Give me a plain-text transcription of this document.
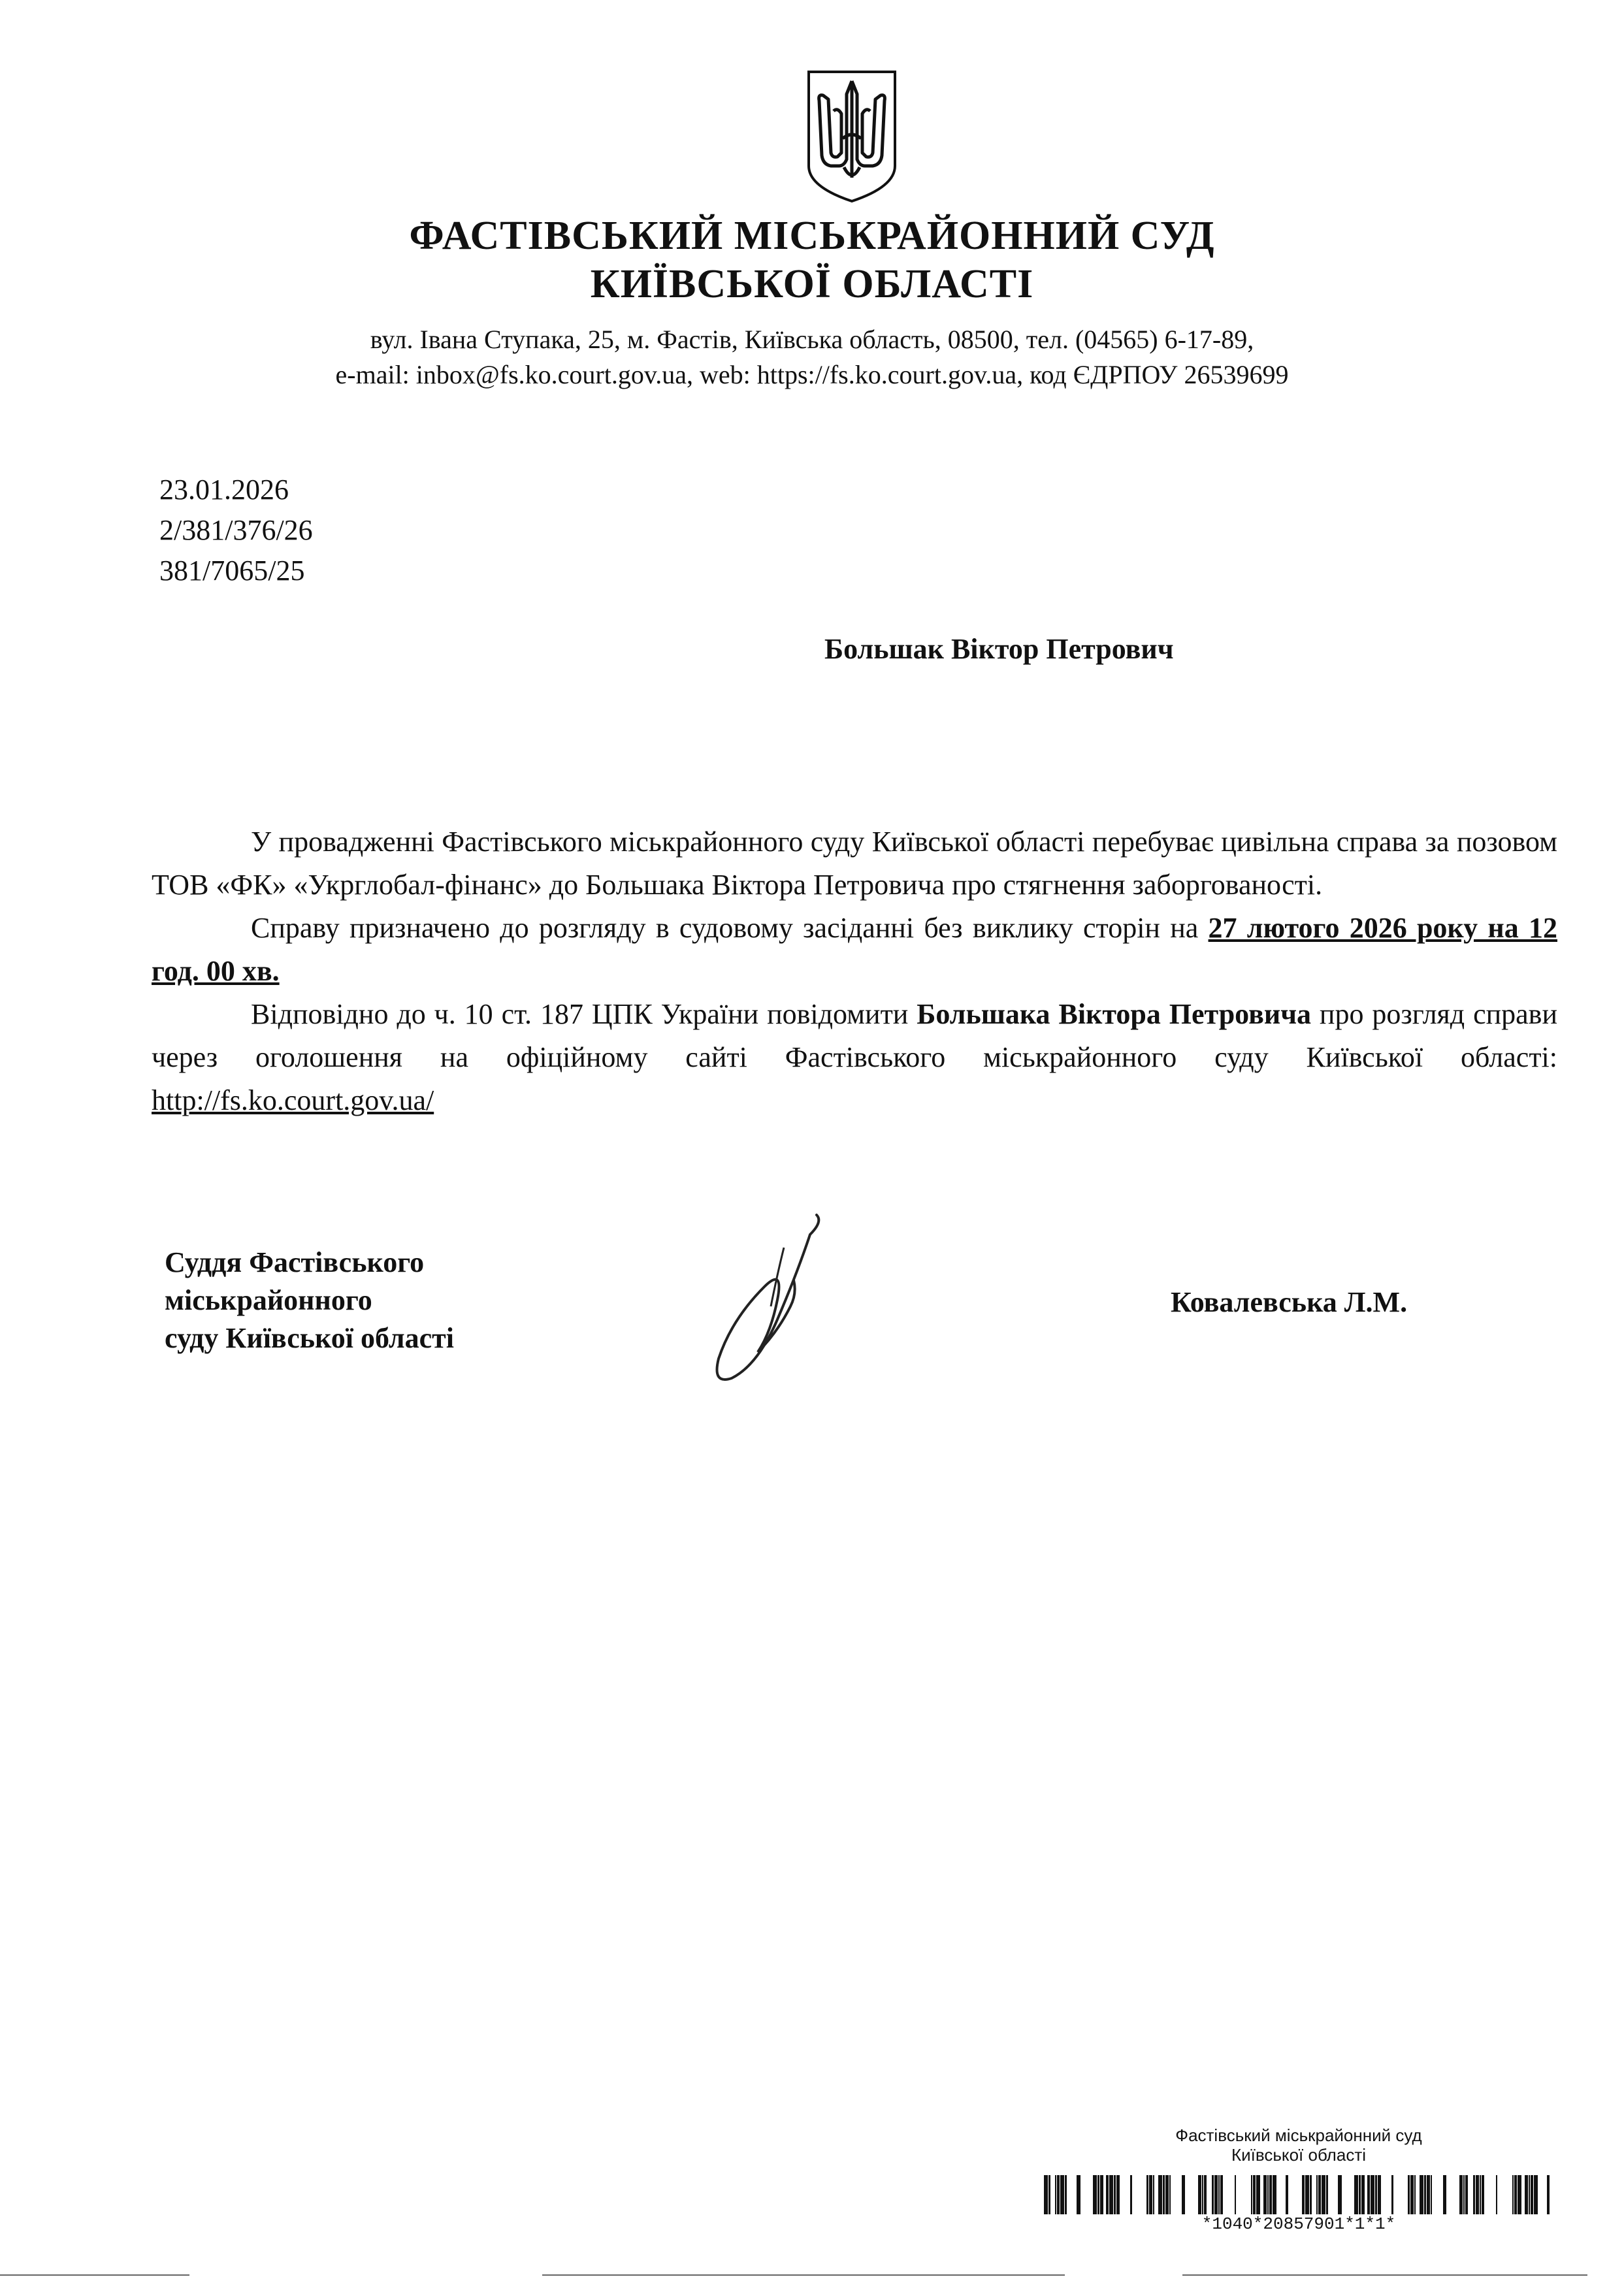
ФАСТІВСЬКИЙ МІСЬКРАЙОННИЙ СУД
КИЇВСЬКОЇ ОБЛАСТІ
вул. Івана Ступака, 25, м. Фастів, Київська область, 08500, тел. (04565) 6-17-89,
e-mail: inbox@fs.ko.court.gov.ua, web: https://fs.ko.court.gov.ua, код ЄДРПОУ 26539699
23.01.2026
2/381/376/26
381/7065/25
Большак Віктор Петрович

У провадженні Фастівського міськрайонного суду Київської області перебуває цивільна справа за позовом ТОВ «ФК» «Укрглобал-фінанс» до Большака Віктора Петровича про стягнення заборгованості.

Справу призначено до розгляду в судовому засіданні без виклику сторін на 27 лютого 2026 року на 12 год. 00 хв.

Відповідно до ч. 10 ст. 187 ЦПК України повідомити Большака Віктора Петровича про розгляд справи через оголошення на офіційному сайті Фастівського міськрайонного суду Київської області: http://fs.ko.court.gov.ua/

Суддя Фастівського
міськрайонного
суду Київської області
Ковалевська Л.М.
Фастівський міськрайонний суд
Київської області
*1040*20857901*1*1*
